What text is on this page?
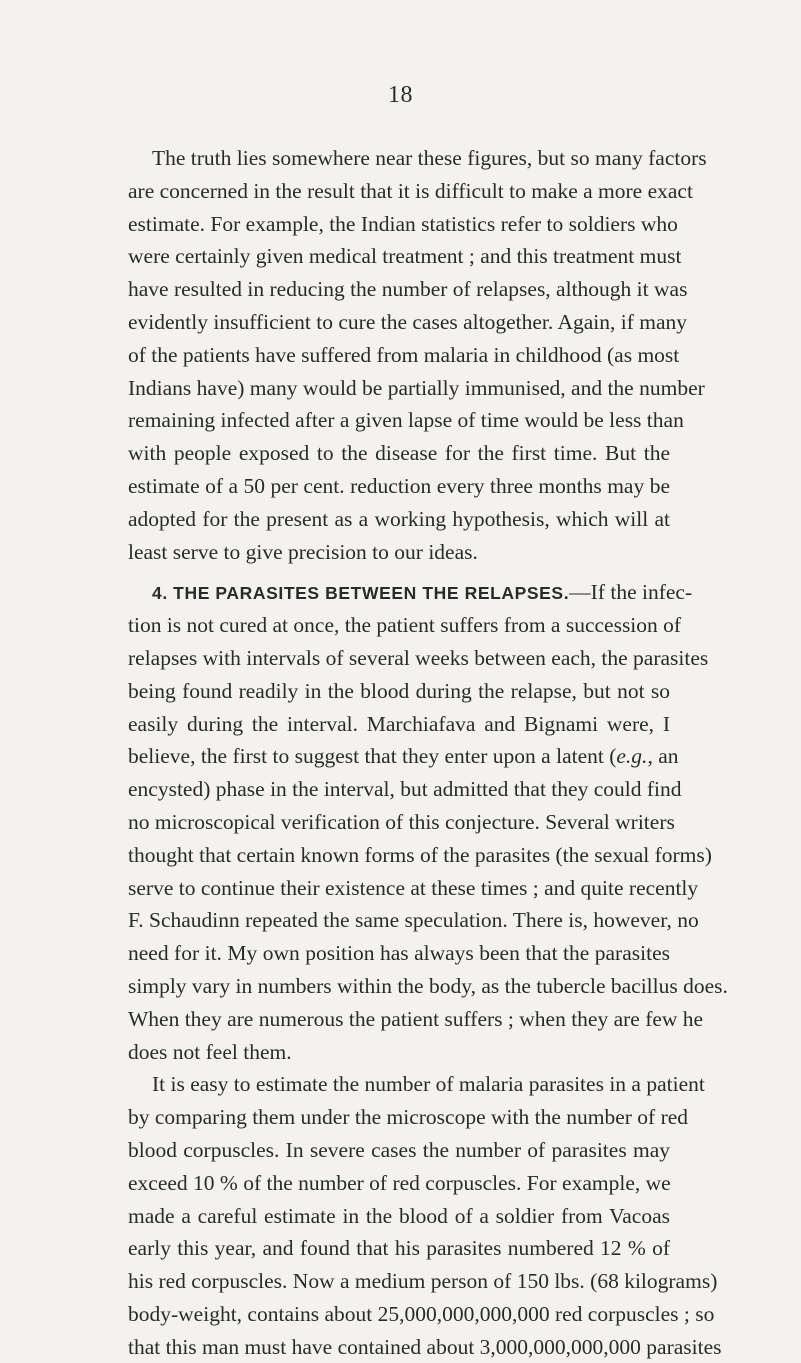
18
The truth lies somewhere near these figures, but so many factors
are concerned in the result that it is difficult to make a more exact
estimate. For example, the Indian statistics refer to soldiers who
were certainly given medical treatment ; and this treatment must
have resulted in reducing the number of relapses, although it was
evidently insufficient to cure the cases altogether. Again, if many
of the patients have suffered from malaria in childhood (as most
Indians have) many would be partially immunised, and the number
remaining infected after a given lapse of time would be less than
with people exposed to the disease for the first time. But the
estimate of a 50 per cent. reduction every three months may be
adopted for the present as a working hypothesis, which will at
least serve to give precision to our ideas.
4. THE PARASITES BETWEEN THE RELAPSES.—If the infec-
tion is not cured at once, the patient suffers from a succession of
relapses with intervals of several weeks between each, the parasites
being found readily in the blood during the relapse, but not so
easily during the interval. Marchiafava and Bignami were, I
believe, the first to suggest that they enter upon a latent (e.g., an
encysted) phase in the interval, but admitted that they could find
no microscopical verification of this conjecture. Several writers
thought that certain known forms of the parasites (the sexual forms)
serve to continue their existence at these times ; and quite recently
F. Schaudinn repeated the same speculation. There is, however, no
need for it. My own position has always been that the parasites
simply vary in numbers within the body, as the tubercle bacillus does.
When they are numerous the patient suffers ; when they are few he
does not feel them.
It is easy to estimate the number of malaria parasites in a patient
by comparing them under the microscope with the number of red
blood corpuscles. In severe cases the number of parasites may
exceed 10 % of the number of red corpuscles. For example, we
made a careful estimate in the blood of a soldier from Vacoas
early this year, and found that his parasites numbered 12 % of
his red corpuscles. Now a medium person of 150 lbs. (68 kilograms)
body-weight, contains about 25,000,000,000,000 red corpuscles ; so
that this man must have contained about 3,000,000,000,000 parasites
